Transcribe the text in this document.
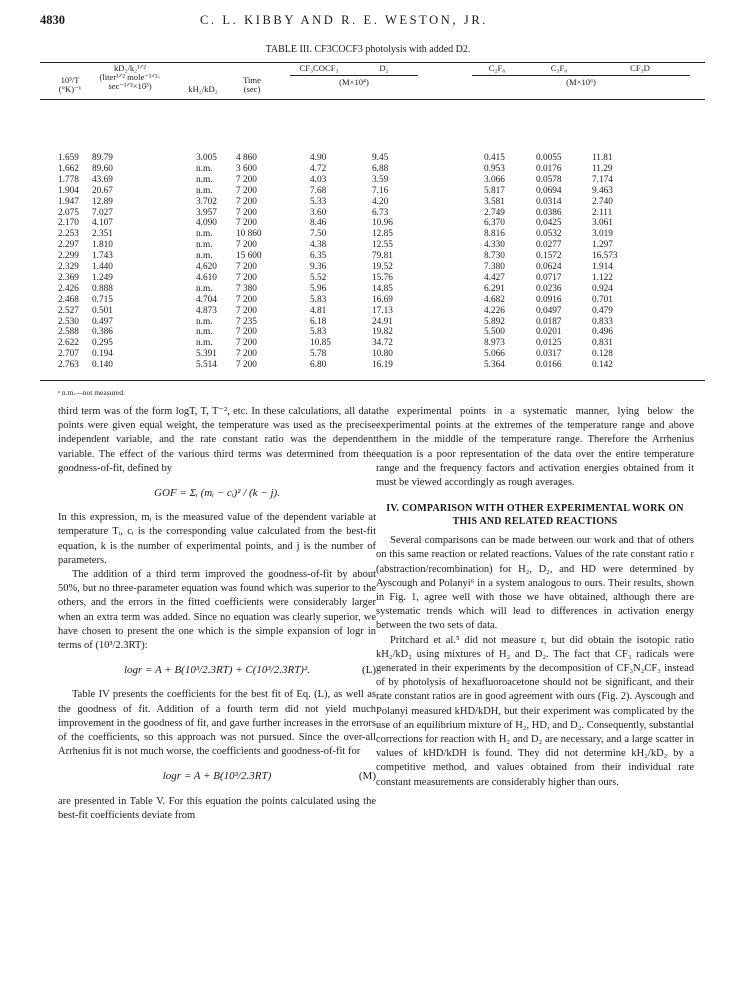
4830	C. L. KIBBY AND R. E. WESTON, JR.
TABLE III. CF3COCF3 photolysis with added D2.
10³/T
(°K)⁻¹
kD₂/k₂¹ᐟ²
(liter¹ᐟ² mole⁻¹ᐟ²·
sec⁻¹ᐟ²×10³)	kH₂/kD₂
Time
(sec)
CF₃COCF₃	D₂
(M×10⁴)
C₂F₆	C₃F₈	CF₃D
(M×10⁶)
1.659 89.79	3.005 4 860	4.90	9.45	0.415	0.0055	11.81
1.662 89.60	n.m.	3 600	4.72	6.88	0.953	0.0176	11.29
1.778 43.69	n.m.	7 200	4.03	3.59	3.066	0.0578	7.174
1.904 20.67	n.m.	7 200	7.68	7.16	5.817	0.0694	9.463
1.947 12.89	3.702 7 200	5.33	4.20	3.581	0.0314	2.740
2.075 7.027	3.957 7 200	3.60	6.73	2.749	0.0386	2.111
2.170 4.107	4.090 7 200	8.46	10.96	6.370	0.0425	3.061
2.253 2.351	n.m.	10 860	7.50	12.85	8.816	0.0532	3.019
2.297 1.810	n.m.	7 200	4.38	12.55	4.330	0.0277	1.297
2.299 1.743	n.m.	15 600	6.35	79.81	8.730	0.1572	16.573
2.329 1.440	4.620 7 200	9.36	19.52	7.380	0.0624	1.914
2.369 1.249	4.610 7 200	5.52	15.76	4.427	0.0717	1.122
2.426 0.888	n.m.	7 380	5.96	14.85	6.291	0.0236	0.924
2.468 0.715	4.704 7 200	5.83	16.69	4.682	0.0916	0.701
2.527 0.501	4.873 7 200	4.81	17.13	4.226	0.0497	0.479
2.530 0.497	n.m.	7 235	6.18	24.91	5.892	0.0187	0.833
2.588 0.386	n.m.	7 200	5.83	19.82	5.500	0.0201	0.496
2.622 0.295	n.m.	7 200	10.85	34.72	8.973	0.0125	0.831
2.707 0.194	5.391 7 200	5.78	10.80	5.066	0.0317	0.128
2.763 0.140	5.514 7 200	6.80	16.19	5.364	0.0166	0.142
ᵃ n.m.—not measured.

third term was of the form logT, T, T⁻², etc. In these calculations, all data points were given equal weight, the temperature was used as the precise independent variable, and the rate constant ratio was the dependent variable. The effect of the various third terms was determined from the goodness-of-fit, defined by

GOF = Σᵢ (mᵢ − cᵢ)² / (k − j).

In this expression, mᵢ is the measured value of the dependent variable at temperature Tᵢ, cᵢ is the corresponding value calculated from the best-fit equation, k is the number of experimental points, and j is the number of parameters.

The addition of a third term improved the goodness-of-fit by about 50%, but no three-parameter equation was found which was superior to the others, and the errors in the fitted coefficients were considerably larger when an extra term was added. Since no equation was clearly superior, we have chosen to present the one which is the simple expansion of logr in terms of (10³/2.3RT):

logr = A + B(10³/2.3RT) + C(10³/2.3RT)².	(L)

Table IV presents the coefficients for the best fit of Eq. (L), as well as the goodness of fit. Addition of a fourth term did not yield much improvement in the goodness of fit, and gave further increases in the errors of the coefficients, so this approach was not pursued. Since the over-all Arrhenius fit is not much worse, the coefficients and goodness-of-fit for

logr = A + B(10³/2.3RT)	(M)

are presented in Table V. For this equation the points calculated using the best-fit coefficients deviate from

the experimental points in a systematic manner, lying below the experimental points at the extremes of the temperature range and above them in the middle of the temperature range. Therefore the Arrhenius equation is a poor representation of the data over the entire temperature range and the frequency factors and activation energies obtained from it must be viewed accordingly as rough averages.

IV. COMPARISON WITH OTHER EXPERIMENTAL WORK ON THIS AND RELATED REACTIONS

Several comparisons can be made between our work and that of others on this same reaction or related reactions. Values of the rate constant ratio r (abstraction/recombination) for H₂, D₂, and HD were determined by Ayscough and Polanyi⁶ in a system analogous to ours. Their results, shown in Fig. 1, agree well with those we have obtained, although there are systematic trends which will lead to differences in activation energy between the two sets of data.

Pritchard et al.⁵ did not measure r, but did obtain the isotopic ratio kH₂/kD₂ using mixtures of H₂ and D₂. The fact that CF₃ radicals were generated in their experiments by the decomposition of CF₃N₂CF₃ instead of by photolysis of hexafluoroacetone should not be significant, and their rate constant ratios are in good agreement with ours (Fig. 2). Ayscough and Polanyi measured kHD/kDH, but their experiment was complicated by the use of an equilibrium mixture of H₂, HD, and D₂. Consequently, substantial corrections for reaction with H₂ and D₂ are necessary, and a large scatter in values of kHD/kDH is found. They did not determine kH₂/kD₂ by a competitive method, and values obtained from their individual rate constant measurements are considerably higher than ours.
